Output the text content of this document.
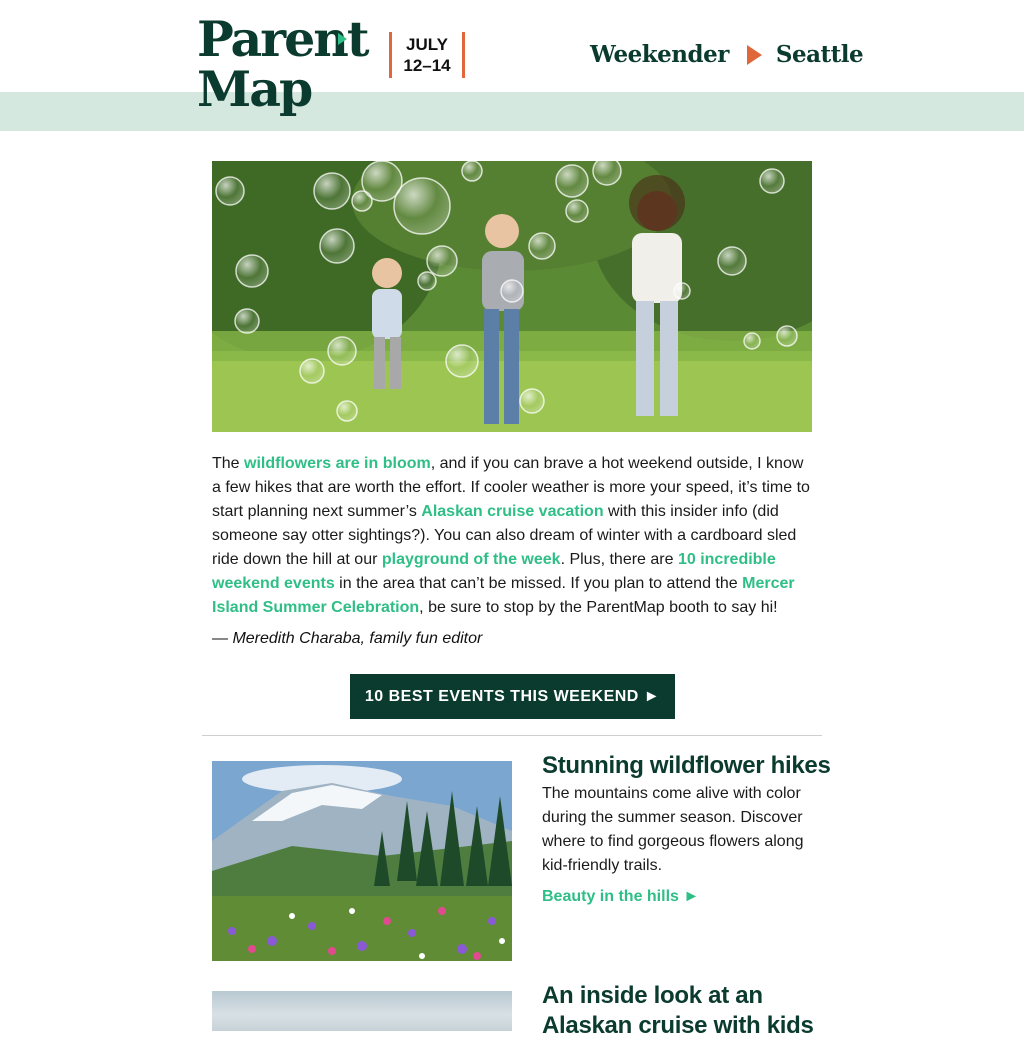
Parent
Map
JULY
12–14	Weekender Seattle
The wildflowers are in bloom, and if you can brave a hot weekend outside, I know a few hikes that are worth the effort. If cooler weather is more your speed, it’s time to start planning next summer’s Alaskan cruise vacation with this insider info (did someone say otter sightings?). You can also dream of winter with a cardboard sled ride down the hill at our playground of the week. Plus, there are 10 incredible weekend events in the area that can’t be missed. If you plan to attend the Mercer Island Summer Celebration, be sure to stop by the ParentMap booth to say hi!
— Meredith Charaba, family fun editor
10 BEST EVENTS THIS WEEKEND ►
Stunning wildflower hikes
The mountains come alive with color during the summer season. Discover where to find gorgeous flowers along kid-friendly trails.
Beauty in the hills ►
An inside look at an Alaskan cruise with kids
